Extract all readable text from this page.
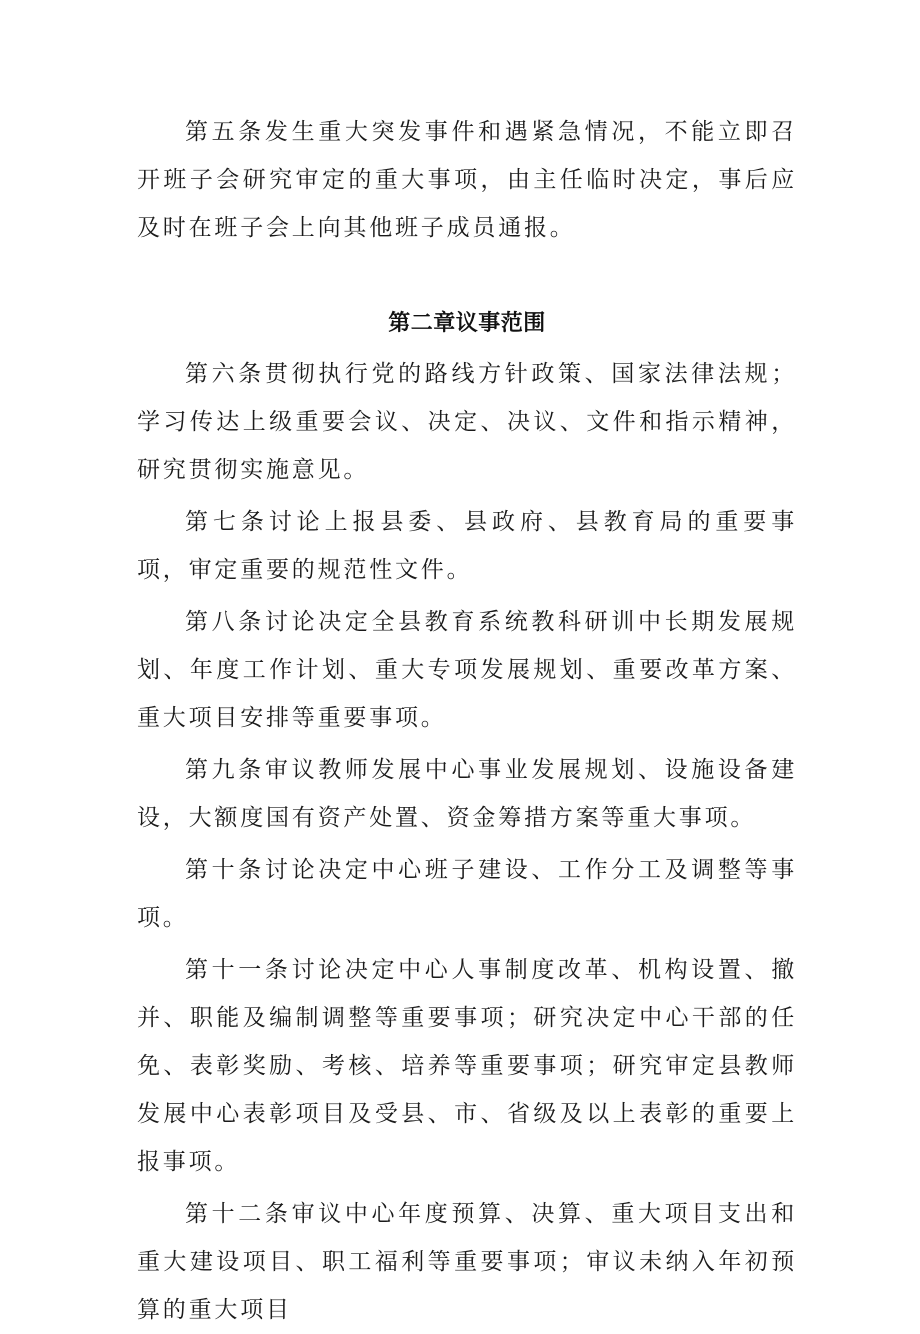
第五条发生重大突发事件和遇紧急情况，不能立即召开班子会研究审定的重大事项，由主任临时决定，事后应及时在班子会上向其他班子成员通报。

第二章议事范围

第六条贯彻执行党的路线方针政策、国家法律法规；学习传达上级重要会议、决定、决议、文件和指示精神，研究贯彻实施意见。

第七条讨论上报县委、县政府、县教育局的重要事项，审定重要的规范性文件。

第八条讨论决定全县教育系统教科研训中长期发展规划、年度工作计划、重大专项发展规划、重要改革方案、重大项目安排等重要事项。

第九条审议教师发展中心事业发展规划、设施设备建设，大额度国有资产处置、资金筹措方案等重大事项。

第十条讨论决定中心班子建设、工作分工及调整等事项。

第十一条讨论决定中心人事制度改革、机构设置、撤并、职能及编制调整等重要事项；研究决定中心干部的任免、表彰奖励、考核、培养等重要事项；研究审定县教师发展中心表彰项目及受县、市、省级及以上表彰的重要上报事项。

第十二条审议中心年度预算、决算、重大项目支出和重大建设项目、职工福利等重要事项；审议未纳入年初预算的重大项目
